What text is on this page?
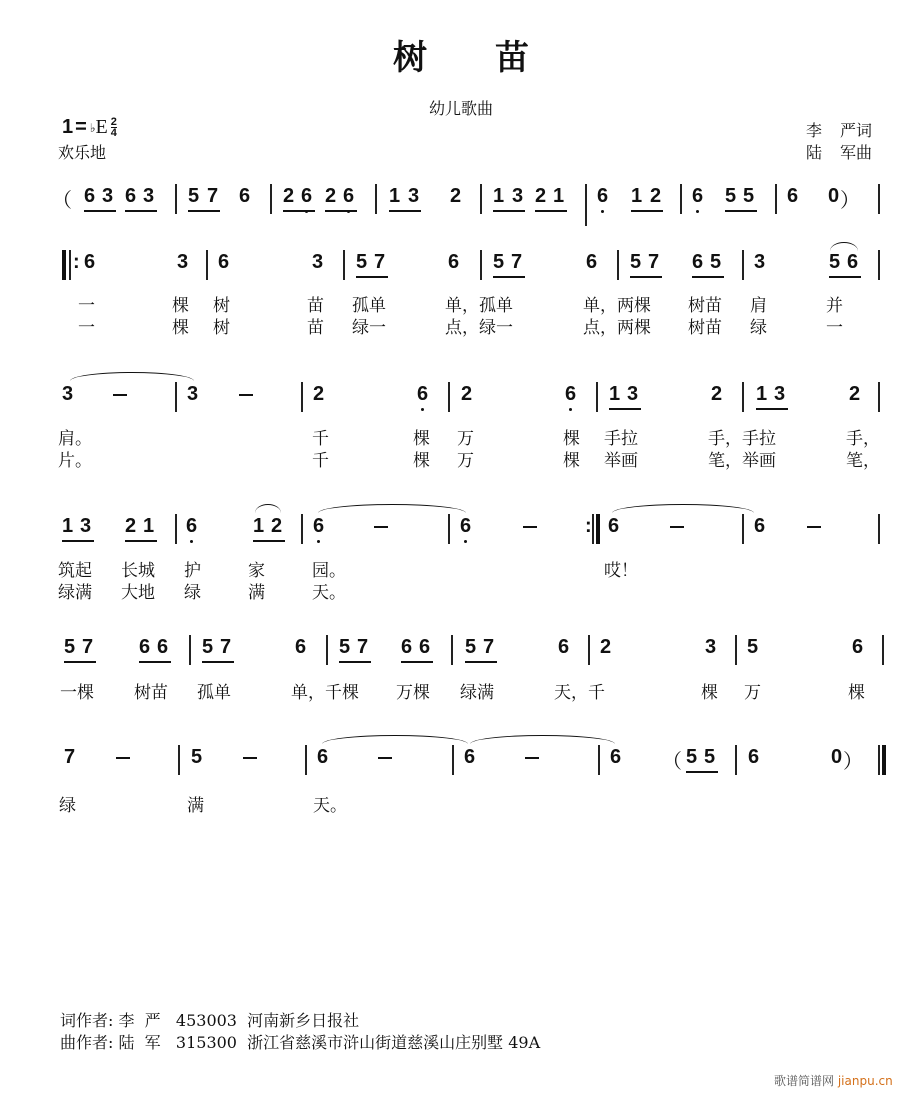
树 苗
幼儿歌曲
1 = ♭ E $\frac{2}{4}$
欢乐地
李 严词
陆 军曲
（ 6 3 6 3 5 7 6 2 6 2 6 1 3 2 1 3 2 1 6 1 2 6 5 5 6 0 ）
: 6	3 6	3 5 7	6 5 7	6 5 7 6 5 3	5 6
一	棵 树	苗 孤单	单，孤单	单，两棵 树苗 肩	并
一	棵 树	苗 绿一	点，绿一	点，两棵 树苗 绿	一
3	3	2	6 2	6 1 3	2 1 3	2
肩。	千	棵 万	棵 手拉	手，手拉	手，
片。	千	棵 万	棵 举画	笔，举画	笔，
1 3 2 1 6	1 2 6	6	: 6	6
筑起 长城 护	家	园。	哎！
绿满 大地 绿	满	天。
5 7 6 6 5 7	6 5 7 6 6 5 7	6 2	3 5	6
一棵 树苗 孤单	单，千棵 万棵 绿满	天，千	棵 万	棵
7	5	6	6	6 （ 5 5 6	0 ）
绿	满	天。
词作者: 李  严   453003  河南新乡日报社
曲作者: 陆  军   315300  浙江省慈溪市浒山街道慈溪山庄别墅 49A
歌谱简谱网 jianpu.cn
